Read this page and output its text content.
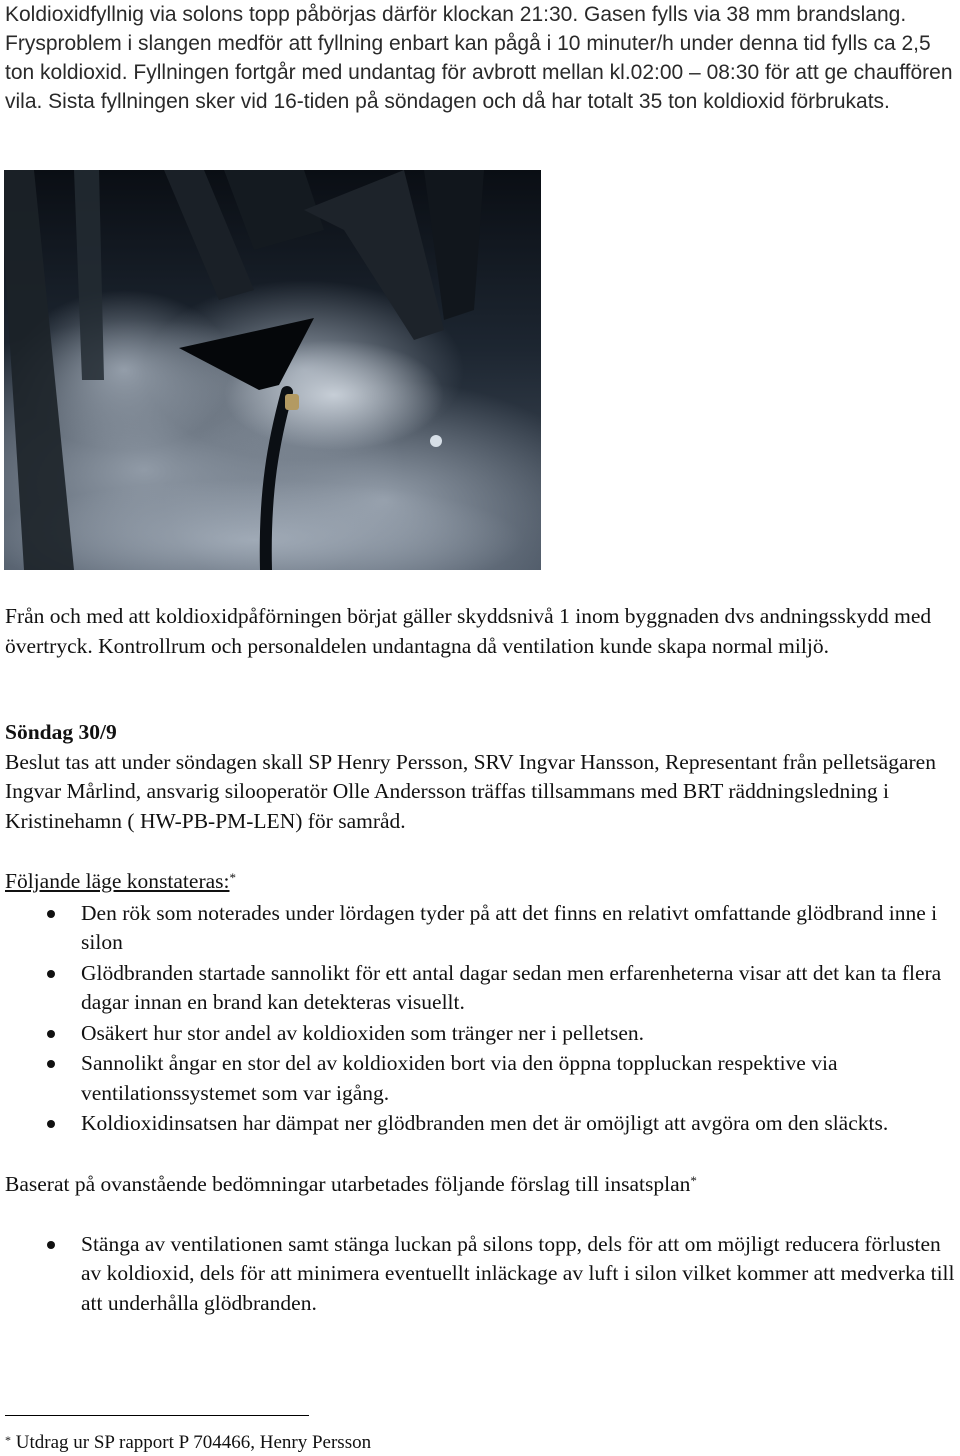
Koldioxidfyllnig via solons topp påbörjas därför klockan 21:30. Gasen fylls via 38 mm brandslang. Frysproblem i slangen medför att fyllning enbart kan pågå i 10 minuter/h under denna tid fylls ca 2,5 ton koldioxid. Fyllningen fortgår med undantag för avbrott mellan kl.02:00 – 08:30 för att ge chauffören vila. Sista fyllningen sker vid 16-tiden på söndagen och då har totalt 35 ton koldioxid förbrukats.

Från och med att koldioxidpåförningen börjat gäller skyddsnivå 1 inom byggnaden dvs andningsskydd med övertryck. Kontrollrum och personaldelen undantagna då ventilation kunde skapa normal miljö.

Söndag 30/9
Beslut tas att under söndagen skall SP Henry Persson, SRV Ingvar Hansson, Representant från pelletsägaren Ingvar Mårlind, ansvarig silooperatör Olle Andersson träffas tillsammans med BRT räddningsledning i Kristinehamn ( HW-PB-PM-LEN) för samråd.
Följande läge konstateras:*
Den rök som noterades under lördagen tyder på att det finns en relativt omfattande glödbrand inne i silon
Glödbranden startade sannolikt för ett antal dagar sedan men erfarenheterna visar att det kan ta flera dagar innan en brand kan detekteras visuellt.
Osäkert hur stor andel av koldioxiden som tränger ner i pelletsen.
Sannolikt ångar en stor del av koldioxiden bort via den öppna toppluckan respektive via ventilationssystemet som var igång.
Koldioxidinsatsen har dämpat ner glödbranden men det är omöjligt att avgöra om den släckts.
Baserat på ovanstående bedömningar utarbetades följande förslag till insatsplan*
Stänga av ventilationen samt stänga luckan på silons topp, dels för att om möjligt reducera förlusten av koldioxid, dels för att minimera eventuellt inläckage av luft i silon vilket kommer att medverka till att underhålla glödbranden.
* Utdrag ur SP rapport P 704466, Henry Persson
